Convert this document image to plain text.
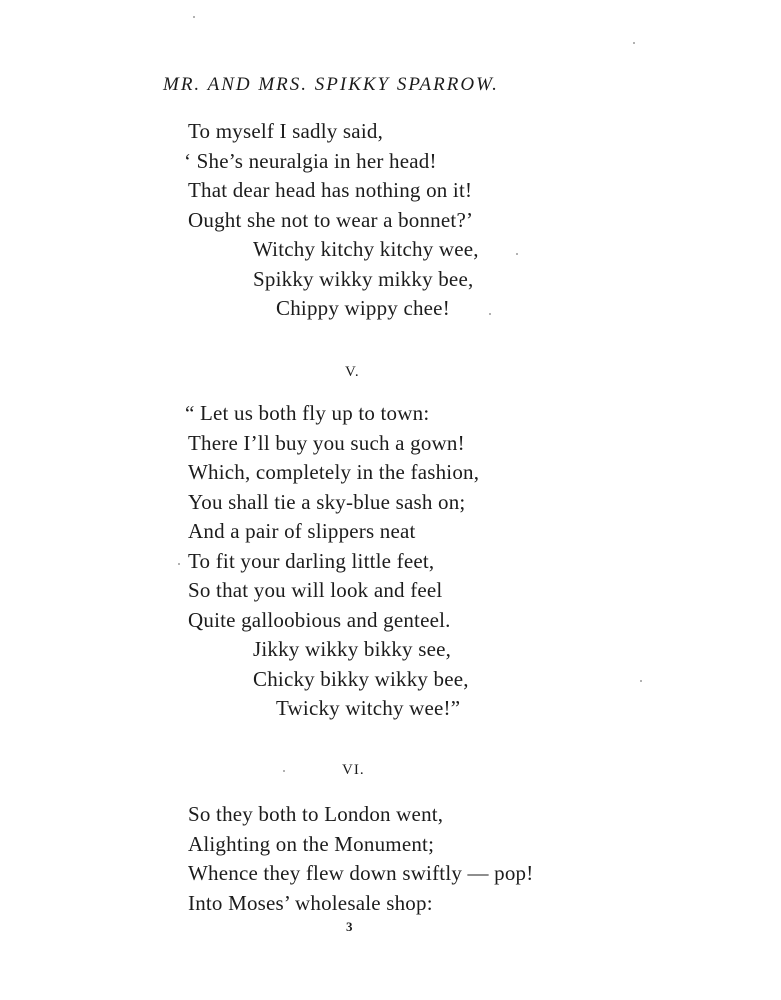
MR. AND MRS. SPIKKY SPARROW.
To myself I sadly said,
‘ She’s neuralgia in her head!
That dear head has nothing on it!
Ought she not to wear a bonnet?’
Witchy kitchy kitchy wee,
Spikky wikky mikky bee,
Chippy wippy chee!
V.
“ Let us both fly up to town:
There I’ll buy you such a gown!
Which, completely in the fashion,
You shall tie a sky-blue sash on;
And a pair of slippers neat
To fit your darling little feet,
So that you will look and feel
Quite galloobious and genteel.
Jikky wikky bikky see,
Chicky bikky wikky bee,
Twicky witchy wee!”
VI.
So they both to London went,
Alighting on the Monument;
Whence they flew down swiftly — pop!
Into Moses’ wholesale shop:
3
